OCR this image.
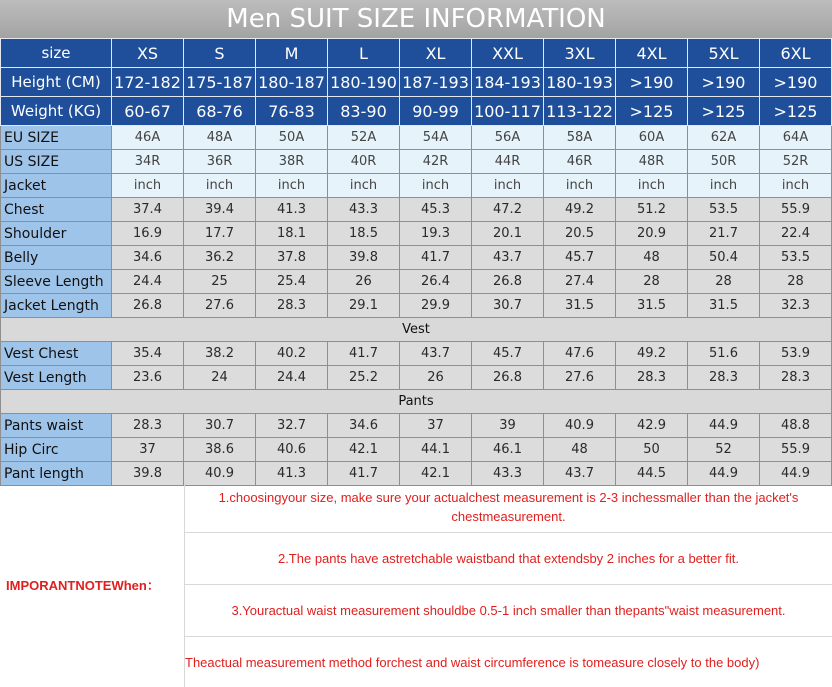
Men SUIT SIZE INFORMATION
size	XS	S	M	L	XL	XXL	3XL	4XL	5XL	6XL
Height (CM)	172-182	175-187	180-187	180-190	187-193	184-193	180-193	>190	>190	>190
Weight (KG)	60-67	68-76	76-83	83-90	90-99	100-117	113-122	>125	>125	>125
EU SIZE	46A	48A	50A	52A	54A	56A	58A	60A	62A	64A
US SIZE	34R	36R	38R	40R	42R	44R	46R	48R	50R	52R
Jacket	inch	inch	inch	inch	inch	inch	inch	inch	inch	inch
Chest	37.4	39.4	41.3	43.3	45.3	47.2	49.2	51.2	53.5	55.9
Shoulder	16.9	17.7	18.1	18.5	19.3	20.1	20.5	20.9	21.7	22.4
Belly	34.6	36.2	37.8	39.8	41.7	43.7	45.7	48	50.4	53.5
Sleeve Length	24.4	25	25.4	26	26.4	26.8	27.4	28	28	28
Jacket Length	26.8	27.6	28.3	29.1	29.9	30.7	31.5	31.5	31.5	32.3
Vest										
Vest Chest	35.4	38.2	40.2	41.7	43.7	45.7	47.6	49.2	51.6	53.9
Vest Length	23.6	24	24.4	25.2	26	26.8	27.6	28.3	28.3	28.3
Pants										
Pants waist	28.3	30.7	32.7	34.6	37	39	40.9	42.9	44.9	48.8
Hip Circ	37	38.6	40.6	42.1	44.1	46.1	48	50	52	55.9
Pant length	39.8	40.9	41.3	41.7	42.1	43.3	43.7	44.5	44.9	44.9
IMPORANTNOTEWhen：
1.choosingyour size, make sure your actualchest measurement is 2-3 inchessmaller than the jacket's chestmeasurement.
2.The pants have astretchable waistband that extendsby 2 inches for a better fit.
3.Youractual waist measurement shouldbe 0.5-1 inch smaller than thepants"waist measurement.
Theactual measurement method forchest and waist circumference is tomeasure closely to the body)
